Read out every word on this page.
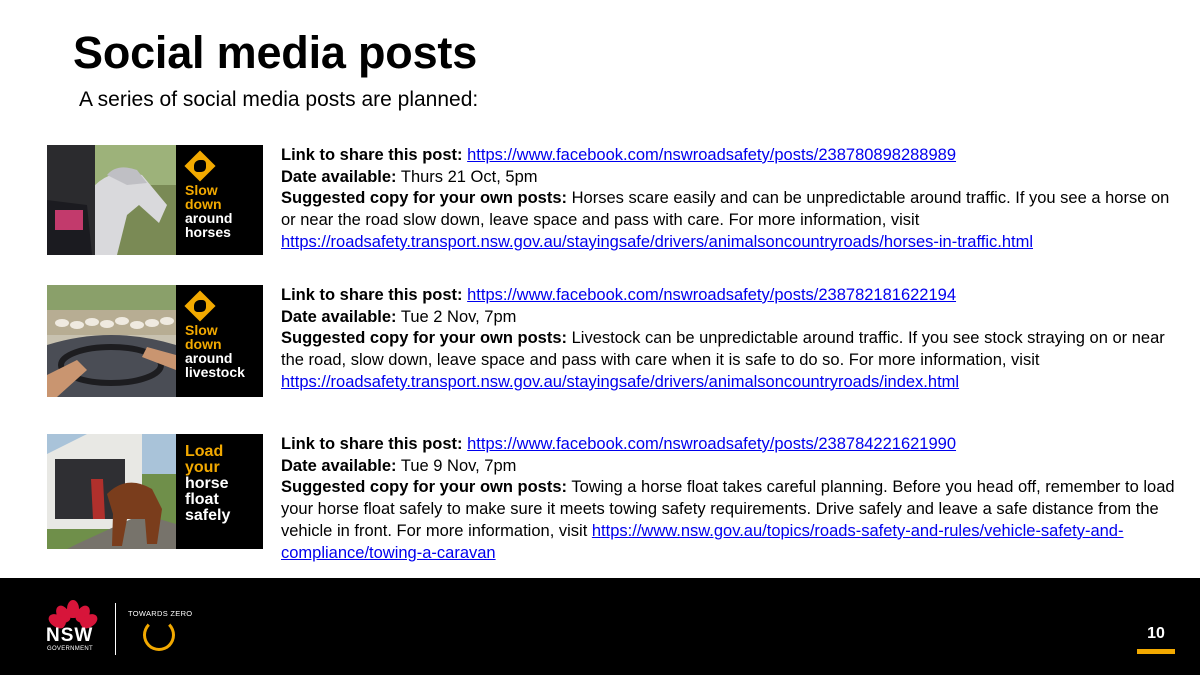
Social media posts

A series of social media posts are planned:

Slow
down
around
horses

Link to share this post: https://www.facebook.com/nswroadsafety/posts/238780898288989

Date available: Thurs 21 Oct, 5pm

Suggested copy for your own posts: Horses scare easily and can be unpredictable around traffic. If you see a horse on or near the road slow down, leave space and pass with care. For more information, visit https://roadsafety.transport.nsw.gov.au/stayingsafe/drivers/animalsoncountryroads/horses-in-traffic.html

Slow
down
around
livestock

Link to share this post: https://www.facebook.com/nswroadsafety/posts/238782181622194

Date available: Tue 2 Nov, 7pm

Suggested copy for your own posts: Livestock can be unpredictable around traffic. If you see stock straying on or near the road, slow down, leave space and pass with care when it is safe to do so. For more information, visit
https://roadsafety.transport.nsw.gov.au/stayingsafe/drivers/animalsoncountryroads/index.html

Load
your
horse
float
safely

Link to share this post: https://www.facebook.com/nswroadsafety/posts/238784221621990

Date available: Tue 9 Nov, 7pm

Suggested copy for your own posts: Towing a horse float takes careful planning. Before you head off, remember to load your horse float safely to make sure it meets towing safety requirements. Drive safely and leave a safe distance from the vehicle in front. For more information, visit https://www.nsw.gov.au/topics/roads-safety-and-rules/vehicle-safety-and-compliance/towing-a-caravan

NSW
GOVERNMENT
TOWARDS ZERO
10
